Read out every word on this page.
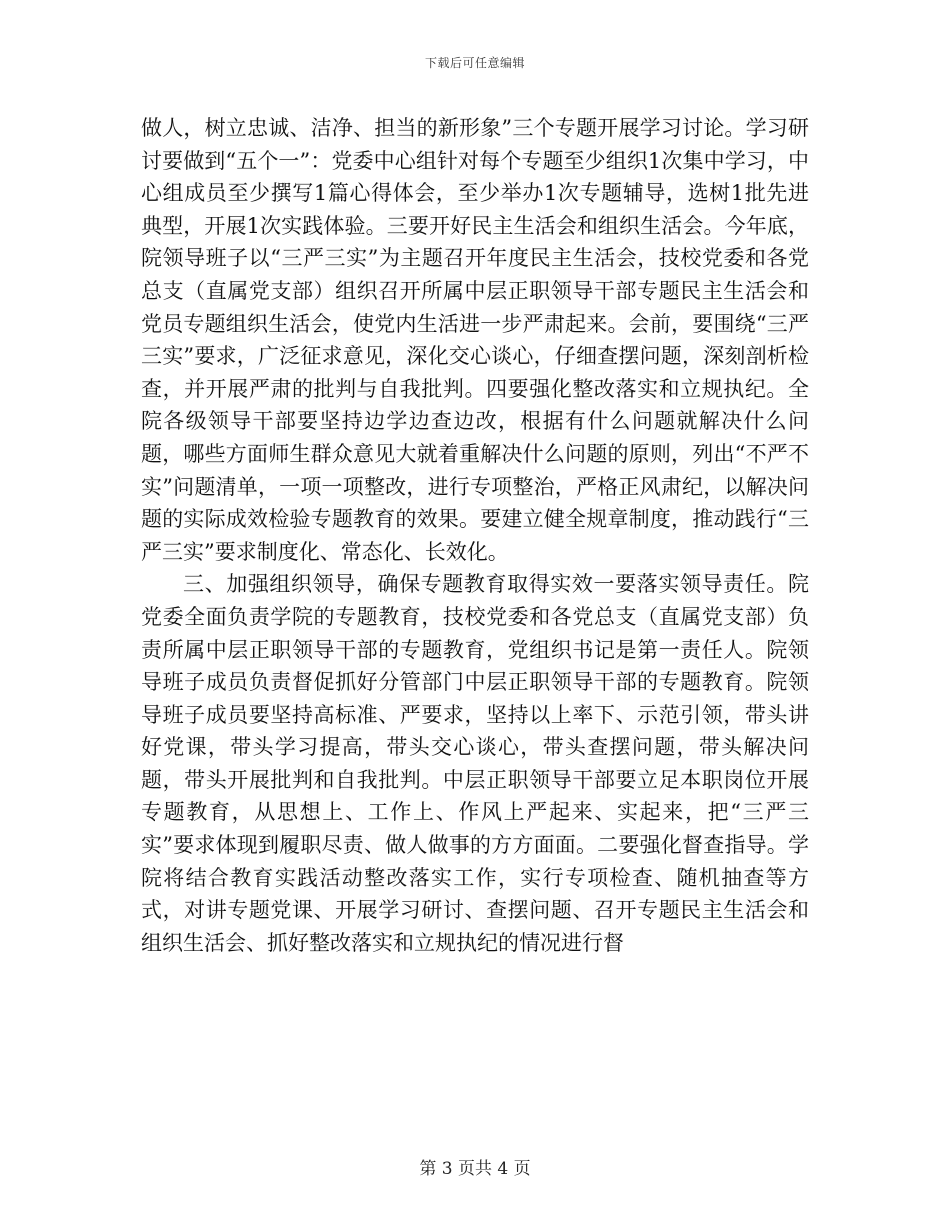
下载后可任意编辑

做人，树立忠诚、洁净、担当的新形象”三个专题开展学习讨论。学习研讨要做到“五个一”：党委中心组针对每个专题至少组织1次集中学习，中心组成员至少撰写1篇心得体会，至少举办1次专题辅导，选树1批先进典型，开展1次实践体验。三要开好民主生活会和组织生活会。今年底，院领导班子以“三严三实”为主题召开年度民主生活会，技校党委和各党总支（直属党支部）组织召开所属中层正职领导干部专题民主生活会和党员专题组织生活会，使党内生活进一步严肃起来。会前，要围绕“三严三实”要求，广泛征求意见，深化交心谈心，仔细查摆问题，深刻剖析检查，并开展严肃的批判与自我批判。四要强化整改落实和立规执纪。全院各级领导干部要坚持边学边查边改，根据有什么问题就解决什么问题，哪些方面师生群众意见大就着重解决什么问题的原则，列出“不严不实”问题清单，一项一项整改，进行专项整治，严格正风肃纪，以解决问题的实际成效检验专题教育的效果。要建立健全规章制度，推动践行“三严三实”要求制度化、常态化、长效化。

三、加强组织领导，确保专题教育取得实效一要落实领导责任。院党委全面负责学院的专题教育，技校党委和各党总支（直属党支部）负责所属中层正职领导干部的专题教育，党组织书记是第一责任人。院领导班子成员负责督促抓好分管部门中层正职领导干部的专题教育。院领导班子成员要坚持高标准、严要求，坚持以上率下、示范引领，带头讲好党课，带头学习提高，带头交心谈心，带头查摆问题，带头解决问题，带头开展批判和自我批判。中层正职领导干部要立足本职岗位开展专题教育，从思想上、工作上、作风上严起来、实起来，把“三严三实”要求体现到履职尽责、做人做事的方方面面。二要强化督查指导。学院将结合教育实践活动整改落实工作，实行专项检查、随机抽查等方式，对讲专题党课、开展学习研讨、查摆问题、召开专题民主生活会和组织生活会、抓好整改落实和立规执纪的情况进行督

第 3 页共 4 页
